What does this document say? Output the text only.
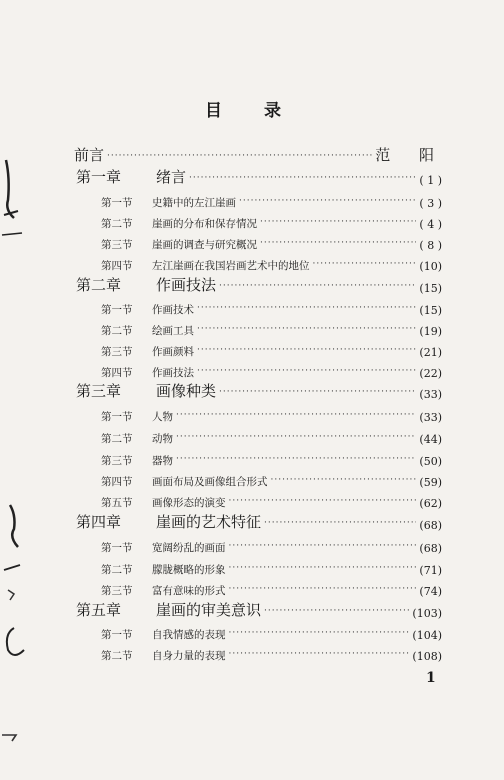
目 录
前言 ·····	范 阳
第一章 绪言 ·····	( 1 )
第一节 史籍中的左江崖画 ·····	( 3 )
第二节 崖画的分布和保存情况 ·····	( 4 )
第三节 崖画的调查与研究概况 ·····	( 8 )
第四节 左江崖画在我国岩画艺术中的地位 ·····	(10)
第二章 作画技法 ·····	(15)
第一节 作画技术 ·····	(15)
第二节 绘画工具 ·····	(19)
第三节 作画颜料 ·····	(21)
第四节 作画技法 ·····	(22)
第三章 画像种类 ·····	(33)
第一节 人物 ·····	(33)
第二节 动物 ·····	(44)
第三节 器物 ·····	(50)
第四节 画面布局及画像组合形式 ·····	(59)
第五节 画像形态的演变 ·····	(62)
第四章 崖画的艺术特征 ·····	(68)
第一节 宽阔纷乱的画面 ·····	(68)
第二节 朦胧概略的形象 ·····	(71)
第三节 富有意味的形式 ·····	(74)
第五章 崖画的审美意识 ·····	(103)
第一节 自我情感的表现 ·····	(104)
第二节 自身力量的表现 ·····	(108)
1
